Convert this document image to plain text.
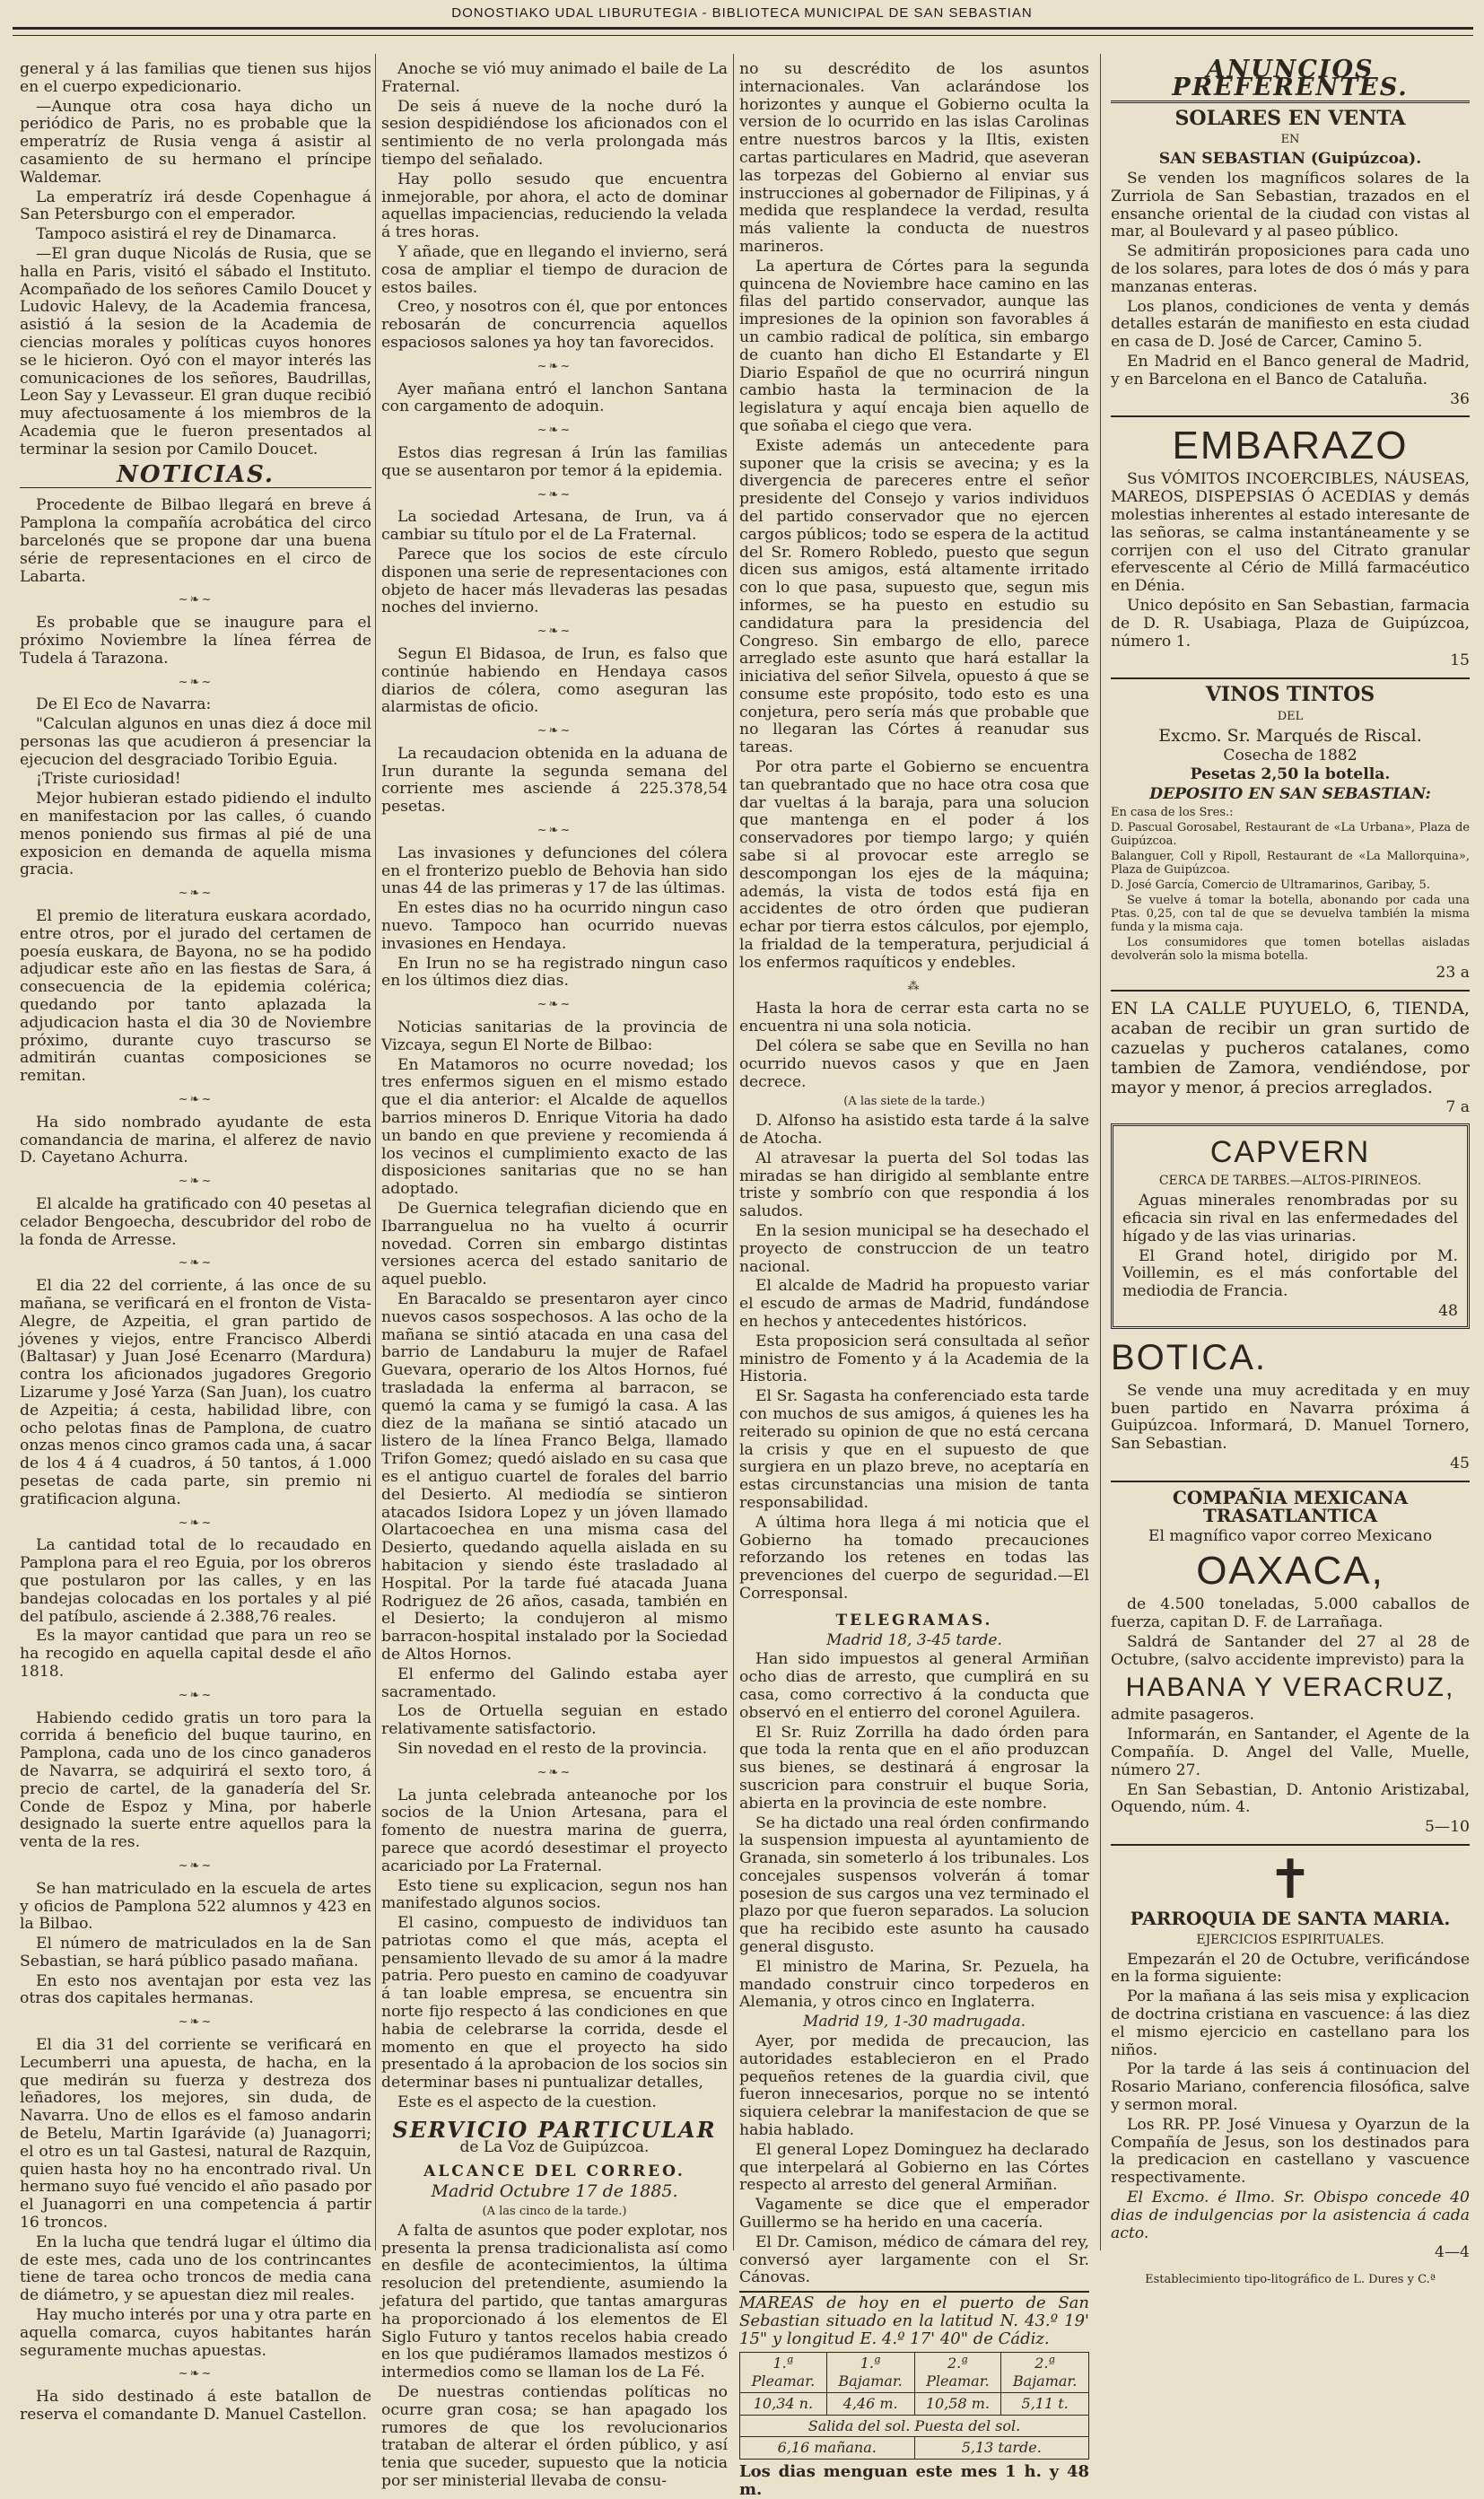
DONOSTIAKO UDAL LIBURUTEGIA - BIBLIOTECA MUNICIPAL DE SAN SEBASTIAN

general y á las familias que tienen sus hijos en el cuerpo expedicionario.

—Aunque otra cosa haya dicho un periódico de Paris, no es probable que la emperatríz de Rusia venga á asistir al casamiento de su hermano el príncipe Waldemar.

La emperatríz irá desde Copenhague á San Petersburgo con el emperador.

Tampoco asistirá el rey de Dinamarca.

—El gran duque Nicolás de Rusia, que se halla en Paris, visitó el sábado el Instituto. Acompañado de los señores Camilo Doucet y Ludovic Halevy, de la Academia francesa, asistió á la sesion de la Academia de ciencias morales y políticas cuyos honores se le hicieron. Oyó con el mayor interés las comunicaciones de los señores, Baudrillas, Leon Say y Levasseur. El gran duque recibió muy afectuosamente á los miembros de la Academia que le fueron presentados al terminar la sesion por Camilo Doucet.

NOTICIAS.

Procedente de Bilbao llegará en breve á Pamplona la compañía acrobática del circo barcelonés que se propone dar una buena série de representaciones en el circo de Labarta.

~❧~

Es probable que se inaugure para el próximo Noviembre la línea férrea de Tudela á Tarazona.

~❧~

De El Eco de Navarra:

"Calculan algunos en unas diez á doce mil personas las que acudieron á presenciar la ejecucion del desgraciado Toribio Eguia.

¡Triste curiosidad!

Mejor hubieran estado pidiendo el indulto en manifestacion por las calles, ó cuando menos poniendo sus firmas al pié de una exposicion en demanda de aquella misma gracia.

~❧~

El premio de literatura euskara acordado, entre otros, por el jurado del certamen de poesía euskara, de Bayona, no se ha podido adjudicar este año en las fiestas de Sara, á consecuencia de la epidemia colérica; quedando por tanto aplazada la adjudicacion hasta el dia 30 de Noviembre próximo, durante cuyo trascurso se admitirán cuantas composiciones se remitan.

~❧~

Ha sido nombrado ayudante de esta comandancia de marina, el alferez de navio D. Cayetano Achurra.

~❧~

El alcalde ha gratificado con 40 pesetas al celador Bengoecha, descubridor del robo de la fonda de Arresse.

~❧~

El dia 22 del corriente, á las once de su mañana, se verificará en el fronton de Vista-Alegre, de Azpeitia, el gran partido de jóvenes y viejos, entre Francisco Alberdi (Baltasar) y Juan José Ecenarro (Mardura) contra los aficionados jugadores Gregorio Lizarume y José Yarza (San Juan), los cuatro de Azpeitia; á cesta, habilidad libre, con ocho pelotas finas de Pamplona, de cuatro onzas menos cinco gramos cada una, á sacar de los 4 á 4 cuadros, á 50 tantos, á 1.000 pesetas de cada parte, sin premio ni gratificacion alguna.

~❧~

La cantidad total de lo recaudado en Pamplona para el reo Eguia, por los obreros que postularon por las calles, y en las bandejas colocadas en los portales y al pié del patíbulo, asciende á 2.388,76 reales.

Es la mayor cantidad que para un reo se ha recogido en aquella capital desde el año 1818.

~❧~

Habiendo cedido gratis un toro para la corrida á beneficio del buque taurino, en Pamplona, cada uno de los cinco ganaderos de Navarra, se adquirirá el sexto toro, á precio de cartel, de la ganadería del Sr. Conde de Espoz y Mina, por haberle designado la suerte entre aquellos para la venta de la res.

~❧~

Se han matriculado en la escuela de artes y oficios de Pamplona 522 alumnos y 423 en la Bilbao.

El número de matriculados en la de San Sebastian, se hará público pasado mañana.

En esto nos aventajan por esta vez las otras dos capitales hermanas.

~❧~

El dia 31 del corriente se verificará en Lecumberri una apuesta, de hacha, en la que medirán su fuerza y destreza dos leñadores, los mejores, sin duda, de Navarra. Uno de ellos es el famoso andarin de Betelu, Martin Igarávide (a) Juanagorri; el otro es un tal Gastesi, natural de Razquin, quien hasta hoy no ha encontrado rival. Un hermano suyo fué vencido el año pasado por el Juanagorri en una competencia á partir 16 troncos.

En la lucha que tendrá lugar el último dia de este mes, cada uno de los contrincantes tiene de tarea ocho troncos de media cana de diámetro, y se apuestan diez mil reales.

Hay mucho interés por una y otra parte en aquella comarca, cuyos habitantes harán seguramente muchas apuestas.

~❧~

Ha sido destinado á este batallon de reserva el comandante D. Manuel Castellon.

Anoche se vió muy animado el baile de La Fraternal.

De seis á nueve de la noche duró la sesion despidiéndose los aficionados con el sentimiento de no verla prolongada más tiempo del señalado.

Hay pollo sesudo que encuentra inmejorable, por ahora, el acto de dominar aquellas impaciencias, reduciendo la velada á tres horas.

Y añade, que en llegando el invierno, será cosa de ampliar el tiempo de duracion de estos bailes.

Creo, y nosotros con él, que por entonces rebosarán de concurrencia aquellos espaciosos salones ya hoy tan favorecidos.

~❧~

Ayer mañana entró el lanchon Santana con cargamento de adoquin.

~❧~

Estos dias regresan á Irún las familias que se ausentaron por temor á la epidemia.

~❧~

La sociedad Artesana, de Irun, va á cambiar su título por el de La Fraternal.

Parece que los socios de este círculo disponen una serie de representaciones con objeto de hacer más llevaderas las pesadas noches del invierno.

~❧~

Segun El Bidasoa, de Irun, es falso que continúe habiendo en Hendaya casos diarios de cólera, como aseguran las alarmistas de oficio.

~❧~

La recaudacion obtenida en la aduana de Irun durante la segunda semana del corriente mes asciende á 225.378,54 pesetas.

~❧~

Las invasiones y defunciones del cólera en el fronterizo pueblo de Behovia han sido unas 44 de las primeras y 17 de las últimas.

En estes dias no ha ocurrido ningun caso nuevo. Tampoco han ocurrido nuevas invasiones en Hendaya.

En Irun no se ha registrado ningun caso en los últimos diez dias.

~❧~

Noticias sanitarias de la provincia de Vizcaya, segun El Norte de Bilbao:

En Matamoros no ocurre novedad; los tres enfermos siguen en el mismo estado que el dia anterior: el Alcalde de aquellos barrios mineros D. Enrique Vitoria ha dado un bando en que previene y recomienda á los vecinos el cumplimiento exacto de las disposiciones sanitarias que no se han adoptado.

De Guernica telegrafian diciendo que en Ibarranguelua no ha vuelto á ocurrir novedad. Corren sin embargo distintas versiones acerca del estado sanitario de aquel pueblo.

En Baracaldo se presentaron ayer cinco nuevos casos sospechosos. A las ocho de la mañana se sintió atacada en una casa del barrio de Landaburu la mujer de Rafael Guevara, operario de los Altos Hornos, fué trasladada la enferma al barracon, se quemó la cama y se fumigó la casa. A las diez de la mañana se sintió atacado un listero de la línea Franco Belga, llamado Trifon Gomez; quedó aislado en su casa que es el antiguo cuartel de forales del barrio del Desierto. Al mediodía se sintieron atacados Isidora Lopez y un jóven llamado Olartacoechea en una misma casa del Desierto, quedando aquella aislada en su habitacion y siendo éste trasladado al Hospital. Por la tarde fué atacada Juana Rodriguez de 26 años, casada, también en el Desierto; la condujeron al mismo barracon-hospital instalado por la Sociedad de Altos Hornos.

El enfermo del Galindo estaba ayer sacramentado.

Los de Ortuella seguian en estado relativamente satisfactorio.

Sin novedad en el resto de la provincia.

~❧~

La junta celebrada anteanoche por los socios de la Union Artesana, para el fomento de nuestra marina de guerra, parece que acordó desestimar el proyecto acariciado por La Fraternal.

Esto tiene su explicacion, segun nos han manifestado algunos socios.

El casino, compuesto de individuos tan patriotas como el que más, acepta el pensamiento llevado de su amor á la madre patria. Pero puesto en camino de coadyuvar á tan loable empresa, se encuentra sin norte fijo respecto á las condiciones en que habia de celebrarse la corrida, desde el momento en que el proyecto ha sido presentado á la aprobacion de los socios sin determinar bases ni puntualizar detalles,

Este es el aspecto de la cuestion.

SERVICIO PARTICULAR

de La Voz de Guipúzcoa.

ALCANCE DEL CORREO.
Madrid Octubre 17 de 1885.

(A las cinco de la tarde.)

A falta de asuntos que poder explotar, nos presenta la prensa tradicionalista así como en desfile de acontecimientos, la última resolucion del pretendiente, asumiendo la jefatura del partido, que tantas amarguras ha proporcionado á los elementos de El Siglo Futuro y tantos recelos habia creado en los que pudiéramos llamados mestizos ó intermedios como se llaman los de La Fé.

De nuestras contiendas políticas no ocurre gran cosa; se han apagado los rumores de que los revolucionarios trataban de alterar el órden público, y así tenia que suceder, supuesto que la noticia por ser ministerial llevaba de consu-

no su descrédito de los asuntos internacionales. Van aclarándose los horizontes y aunque el Gobierno oculta la version de lo ocurrido en las islas Carolinas entre nuestros barcos y la Iltis, existen cartas particulares en Madrid, que aseveran las torpezas del Gobierno al enviar sus instrucciones al gobernador de Filipinas, y á medida que resplandece la verdad, resulta más valiente la conducta de nuestros marineros.

La apertura de Córtes para la segunda quincena de Noviembre hace camino en las filas del partido conservador, aunque las impresiones de la opinion son favorables á un cambio radical de política, sin embargo de cuanto han dicho El Estandarte y El Diario Español de que no ocurrirá ningun cambio hasta la terminacion de la legislatura y aquí encaja bien aquello de que soñaba el ciego que vera.

Existe además un antecedente para suponer que la crisis se avecina; y es la divergencia de pareceres entre el señor presidente del Consejo y varios individuos del partido conservador que no ejercen cargos públicos; todo se espera de la actitud del Sr. Romero Robledo, puesto que segun dicen sus amigos, está altamente irritado con lo que pasa, supuesto que, segun mis informes, se ha puesto en estudio su candidatura para la presidencia del Congreso. Sin embargo de ello, parece arreglado este asunto que hará estallar la iniciativa del señor Silvela, opuesto á que se consume este propósito, todo esto es una conjetura, pero sería más que probable que no llegaran las Córtes á reanudar sus tareas.

Por otra parte el Gobierno se encuentra tan quebrantado que no hace otra cosa que dar vueltas á la baraja, para una solucion que mantenga en el poder á los conservadores por tiempo largo; y quién sabe si al provocar este arreglo se descompongan los ejes de la máquina; además, la vista de todos está fija en accidentes de otro órden que pudieran echar por tierra estos cálculos, por ejemplo, la frialdad de la temperatura, perjudicial á los enfermos raquíticos y endebles.

⁂

Hasta la hora de cerrar esta carta no se encuentra ni una sola noticia.

Del cólera se sabe que en Sevilla no han ocurrido nuevos casos y que en Jaen decrece.

(A las siete de la tarde.)

D. Alfonso ha asistido esta tarde á la salve de Atocha.

Al atravesar la puerta del Sol todas las miradas se han dirigido al semblante entre triste y sombrío con que respondia á los saludos.

En la sesion municipal se ha desechado el proyecto de construccion de un teatro nacional.

El alcalde de Madrid ha propuesto variar el escudo de armas de Madrid, fundándose en hechos y antecedentes históricos.

Esta proposicion será consultada al señor ministro de Fomento y á la Academia de la Historia.

El Sr. Sagasta ha conferenciado esta tarde con muchos de sus amigos, á quienes les ha reiterado su opinion de que no está cercana la crisis y que en el supuesto de que surgiera en un plazo breve, no aceptaría en estas circunstancias una mision de tanta responsabilidad.

A última hora llega á mi noticia que el Gobierno ha tomado precauciones reforzando los retenes en todas las prevenciones del cuerpo de seguridad.—El Corresponsal.

TELEGRAMAS.
Madrid 18, 3-45 tarde.

Han sido impuestos al general Armiñan ocho dias de arresto, que cumplirá en su casa, como correctivo á la conducta que observó en el entierro del coronel Aguilera.

El Sr. Ruiz Zorrilla ha dado órden para que toda la renta que en el año produzcan sus bienes, se destinará á engrosar la suscricion para construir el buque Soria, abierta en la provincia de este nombre.

Se ha dictado una real órden confirmando la suspension impuesta al ayuntamiento de Granada, sin someterlo á los tribunales. Los concejales suspensos volverán á tomar posesion de sus cargos una vez terminado el plazo por que fueron separados. La solucion que ha recibido este asunto ha causado general disgusto.

El ministro de Marina, Sr. Pezuela, ha mandado construir cinco torpederos en Alemania, y otros cinco en Inglaterra.

Madrid 19, 1-30 madrugada.

Ayer, por medida de precaucion, las autoridades establecieron en el Prado pequeños retenes de la guardia civil, que fueron innecesarios, porque no se intentó siquiera celebrar la manifestacion de que se habia hablado.

El general Lopez Dominguez ha declarado que interpelará al Gobierno en las Córtes respecto al arresto del general Armiñan.

Vagamente se dice que el emperador Guillermo se ha herido en una cacería.

El Dr. Camison, médico de cámara del rey, conversó ayer largamente con el Sr. Cánovas.

MAREAS de hoy en el puerto de San Sebastian situado en la latitud N. 43.º 19' 15" y longitud E. 4.º 17' 40" de Cádiz.

1.ª Pleamar.	1.ª Bajamar.	2.ª Pleamar.	2.ª Bajamar.
10,34 n.	4,46 m.	10,58 m.	5,11 t.
Salida del sol. Puesta del sol.			
6,16 mañana.		5,13 tarde.	

Los dias menguan este mes 1 h. y 48 m.

ANUNCIOS PREFERENTES.
SOLARES EN VENTA

EN

SAN SEBASTIAN (Guipúzcoa).

Se venden los magníficos solares de la Zurriola de San Sebastian, trazados en el ensanche oriental de la ciudad con vistas al mar, al Boulevard y al paseo público.

Se admitirán proposiciones para cada uno de los solares, para lotes de dos ó más y para manzanas enteras.

Los planos, condiciones de venta y demás detalles estarán de manifiesto en esta ciudad en casa de D. José de Carcer, Camino 5.

En Madrid en el Banco general de Madrid, y en Barcelona en el Banco de Cataluña.

36

EMBARAZO

Sus VÓMITOS INCOERCIBLES, NÁUSEAS, MAREOS, DISPEPSIAS Ó ACEDIAS y demás molestias inherentes al estado interesante de las señoras, se calma instantáneamente y se corrijen con el uso del Citrato granular efervescente al Cério de Millá farmacéutico en Dénia.

Unico depósito en San Sebastian, farmacia de D. R. Usabiaga, Plaza de Guipúzcoa, número 1.

15

VINOS TINTOS

DEL

Excmo. Sr. Marqués de Riscal.

Cosecha de 1882

Pesetas 2,50 la botella.

DEPOSITO EN SAN SEBASTIAN:

En casa de los Sres.:

D. Pascual Gorosabel, Restaurant de «La Urbana», Plaza de Guipúzcoa.

Balanguer, Coll y Ripoll, Restaurant de «La Mallorquina», Plaza de Guipúzcoa.

D. José García, Comercio de Ultramarinos, Garibay, 5.

Se vuelve á tomar la botella, abonando por cada una Ptas. 0,25, con tal de que se devuelva también la misma funda y la misma caja.

Los consumidores que tomen botellas aisladas devolverán solo la misma botella.

23 a

EN LA CALLE PUYUELO, 6, TIENDA, acaban de recibir un gran surtido de cazuelas y pucheros catalanes, como tambien de Zamora, vendiéndose, por mayor y menor, á precios arreglados.

7 a

CAPVERN

CERCA DE TARBES.—ALTOS-PIRINEOS.

Aguas minerales renombradas por su eficacia sin rival en las enfermedades del hígado y de las vias urinarias.

El Grand hotel, dirigido por M. Voillemin, es el más confortable del mediodia de Francia.

48

BOTICA.

Se vende una muy acreditada y en muy buen partido en Navarra próxima á Guipúzcoa. Informará, D. Manuel Tornero, San Sebastian.

45

COMPAÑIA MEXICANA TRASATLANTICA

El magnífico vapor correo Mexicano

OAXACA,

de 4.500 toneladas, 5.000 caballos de fuerza, capitan D. F. de Larrañaga.

Saldrá de Santander del 27 al 28 de Octubre, (salvo accidente imprevisto) para la

HABANA Y VERACRUZ,

admite pasageros.

Informarán, en Santander, el Agente de la Compañía. D. Angel del Valle, Muelle, número 27.

En San Sebastian, D. Antonio Aristizabal, Oquendo, núm. 4.

5—10

✝
PARROQUIA DE SANTA MARIA.

EJERCICIOS ESPIRITUALES.

Empezarán el 20 de Octubre, verificándose en la forma siguiente:

Por la mañana á las seis misa y explicacion de doctrina cristiana en vascuence: á las diez el mismo ejercicio en castellano para los niños.

Por la tarde á las seis á continuacion del Rosario Mariano, conferencia filosófica, salve y sermon moral.

Los RR. PP. José Vinuesa y Oyarzun de la Compañía de Jesus, son los destinados para la predicacion en castellano y vascuence respectivamente.

El Excmo. é Ilmo. Sr. Obispo concede 40 dias de indulgencias por la asistencia á cada acto.

4—4

Establecimiento tipo-litográfico de L. Dures y C.ª
